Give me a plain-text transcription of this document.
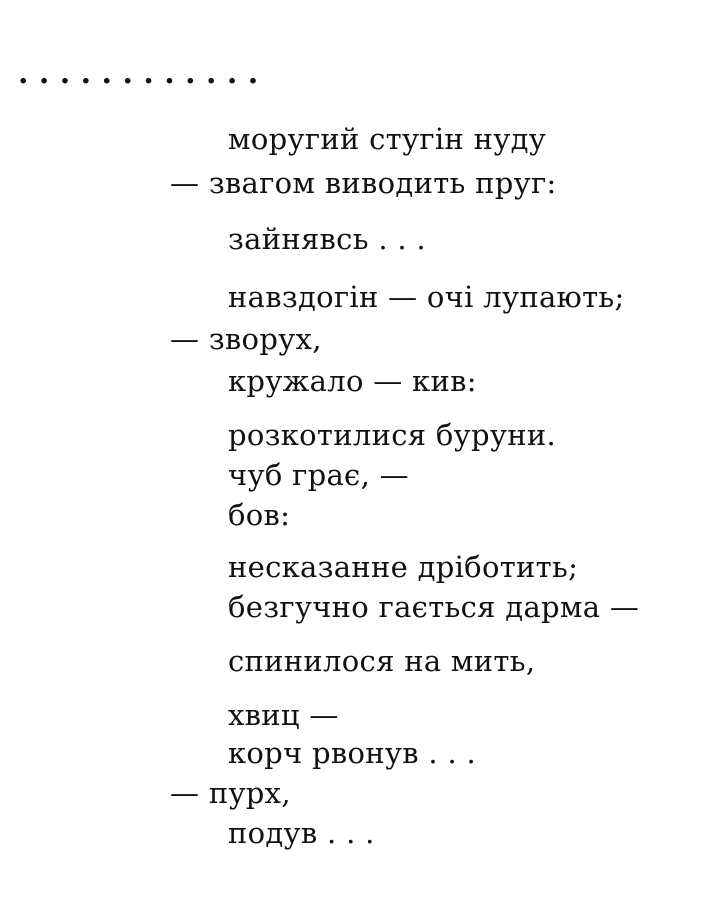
. . . . . . . . . . . .
моругий стугін нуду
— звагом виводить пруг:
зайнявсь . . .
навздогін — очі лупають;
— зворух,
кружало — кив:
розкотилися буруни.
чуб грає, —
бов:
несказанне дріботить;
безгучно гається дарма —
спинилося на мить,
хвиц —
корч рвонув . . .
— пурх,
подув . . .
